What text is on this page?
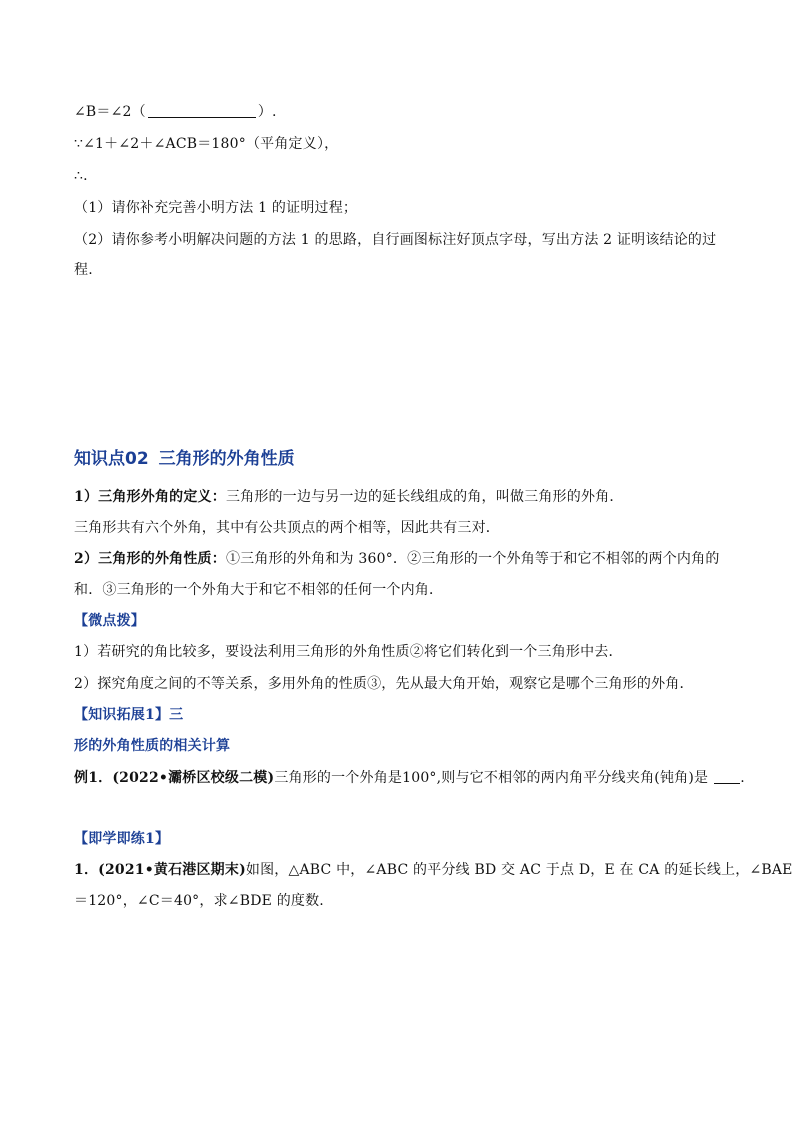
∠B＝∠2（	）.
∵∠1＋∠2＋∠ACB＝180°（平角定义），
∴.
（1）请你补充完善小明方法 1 的证明过程；
（2）请你参考小明解决问题的方法 1 的思路，自行画图标注好顶点字母，写出方法 2 证明该结论的过
程.
知识点02 三角形的外角性质
1）三角形外角的定义：三角形的一边与另一边的延长线组成的角，叫做三角形的外角．
三角形共有六个外角，其中有公共顶点的两个相等，因此共有三对．
2）三角形的外角性质：①三角形的外角和为 360°．②三角形的一个外角等于和它不相邻的两个内角的
和．③三角形的一个外角大于和它不相邻的任何一个内角．
【微点拨】
1）若研究的角比较多，要设法利用三角形的外角性质②将它们转化到一个三角形中去．
2）探究角度之间的不等关系，多用外角的性质③，先从最大角开始，观察它是哪个三角形的外角．
【知识拓展1】三
形的外角性质的相关计算
例1．(2022•灞桥区校级二模)三角形的一个外角是100°,则与它不相邻的两内角平分线夹角(钝角)是 .
【即学即练1】
1．(2021•黄石港区期末)如图，△ABC 中，∠ABC 的平分线 BD 交 AC 于点 D，E 在 CA 的延长线上，∠BAE
＝120°，∠C＝40°，求∠BDE 的度数.
